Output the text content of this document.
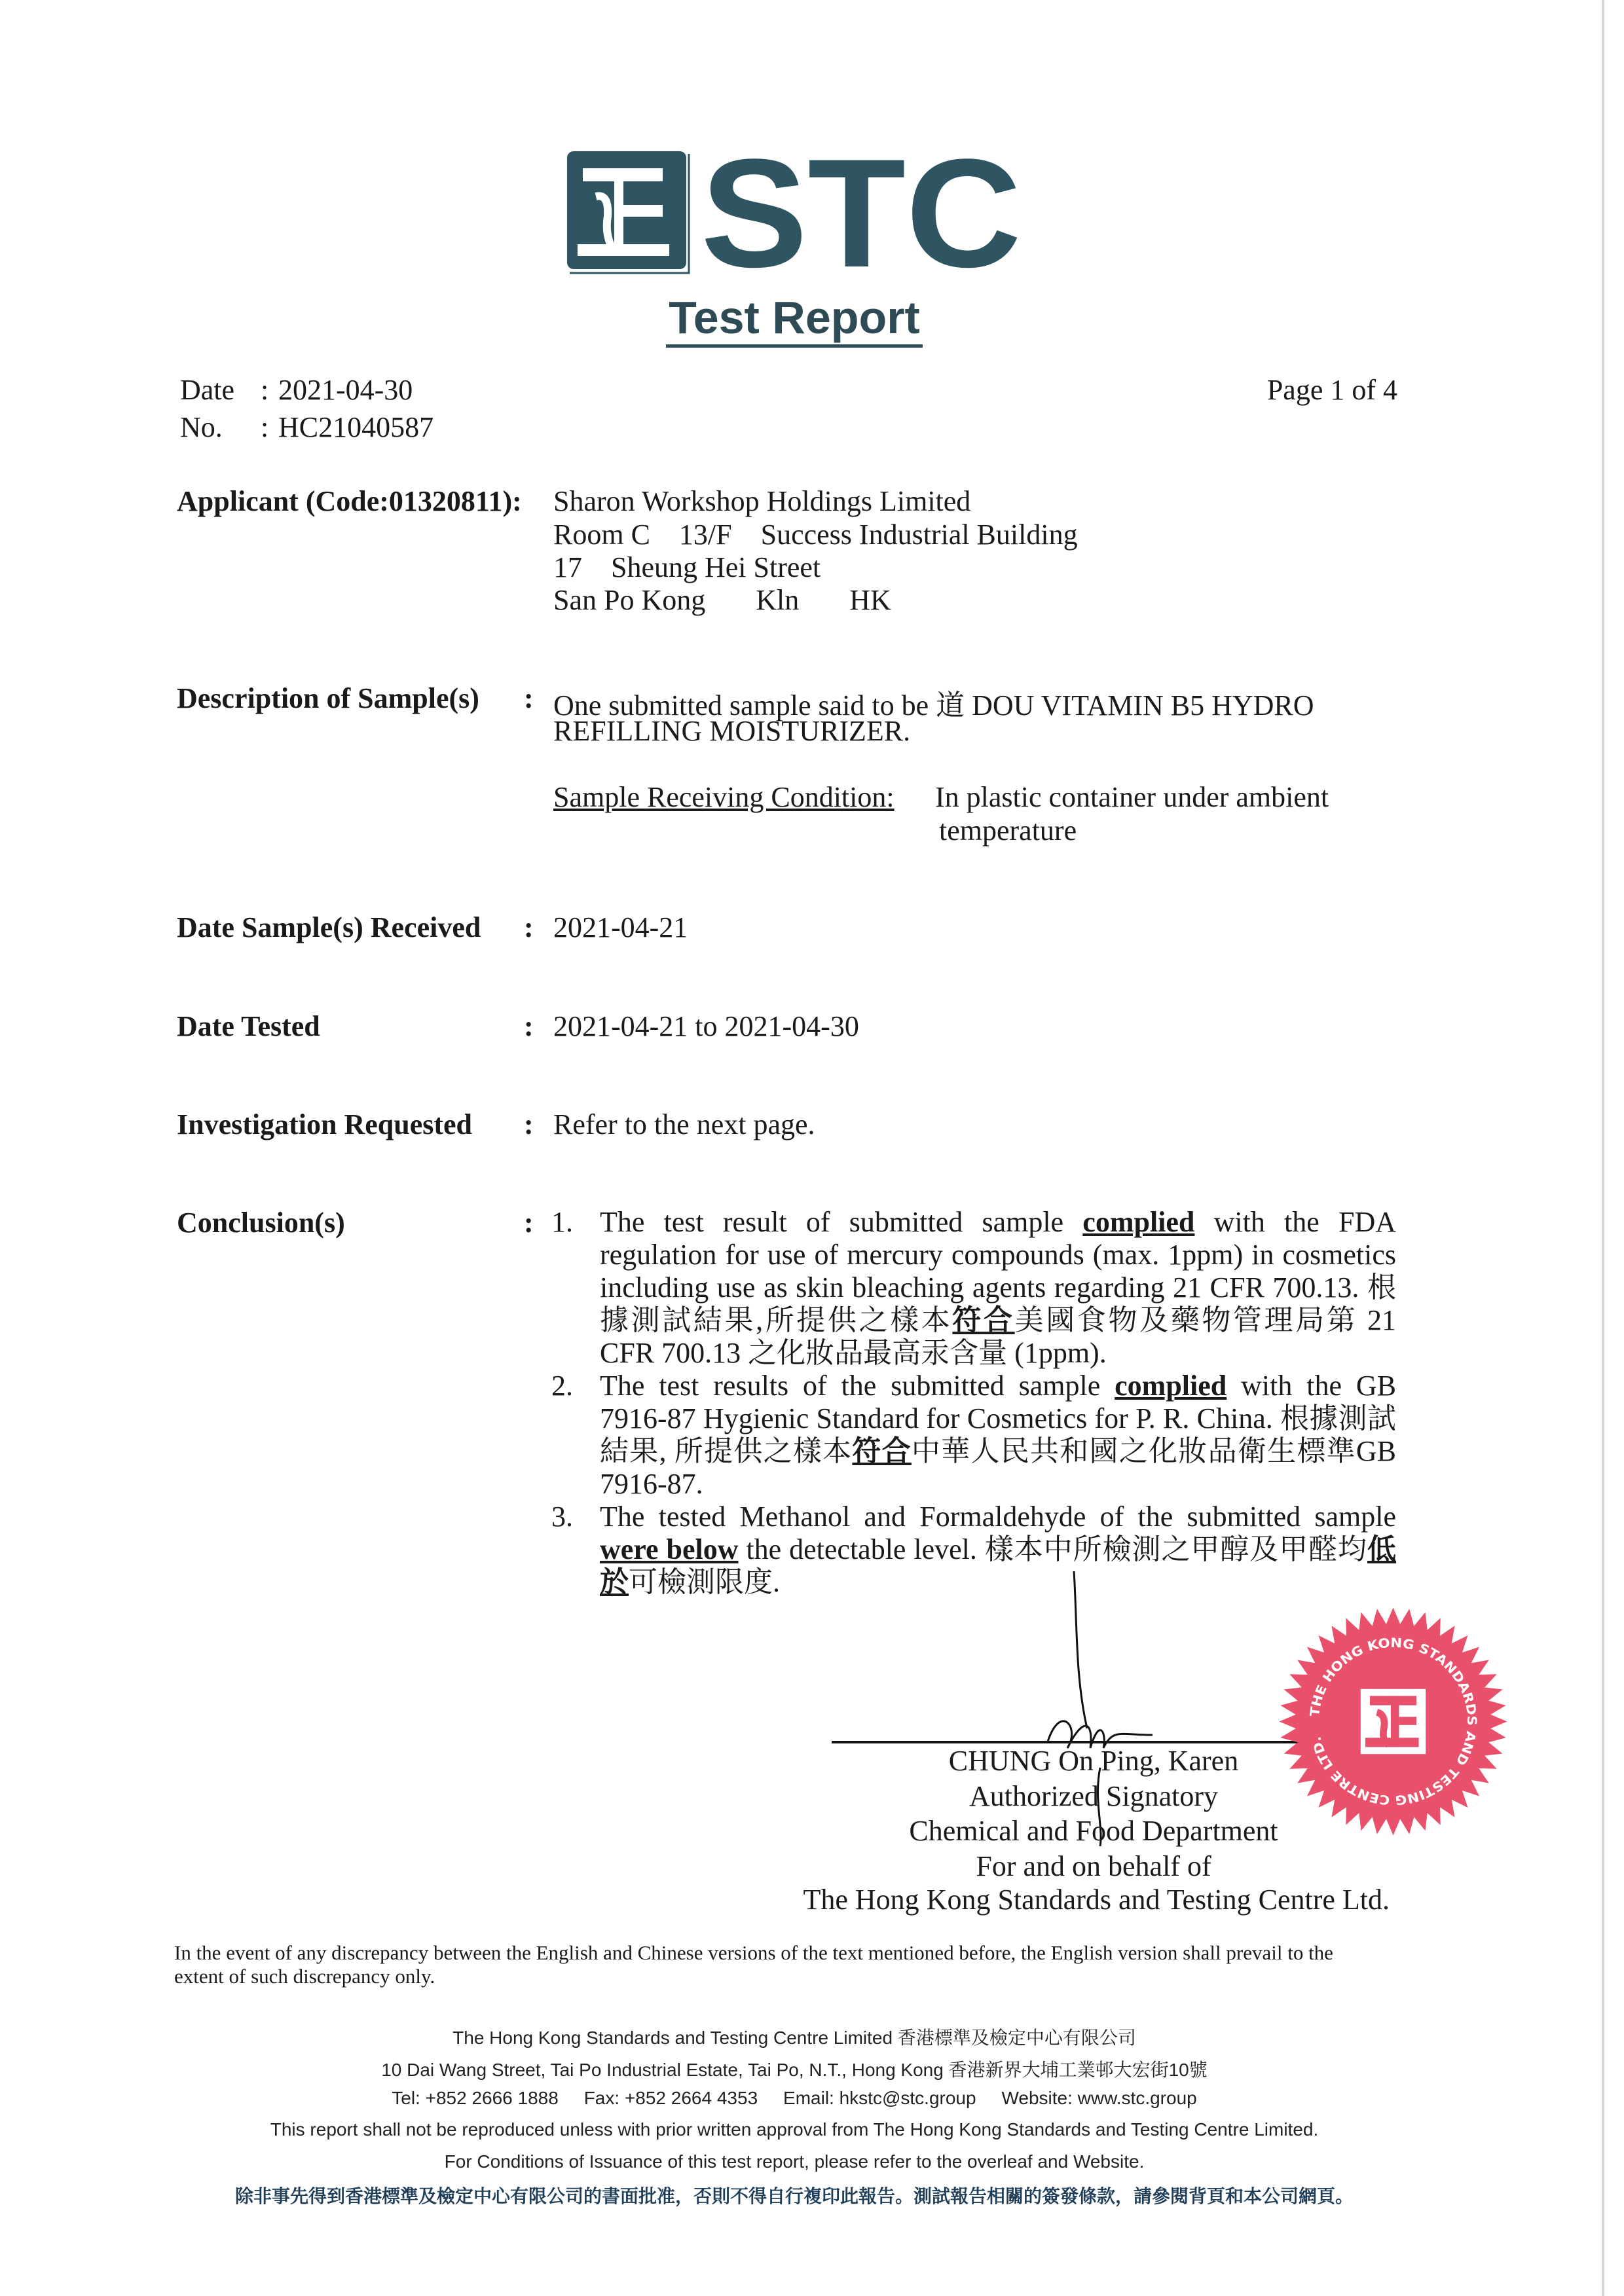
STC
Test Report
Date : 2021-04-30
No. : HC21040587
Page 1 of 4
Applicant (Code:01320811): Sharon Workshop Holdings Limited
Room C    13/F    Success Industrial Building
17    Sheung Hei Street
San Po Kong       Kln       HK
Description of Sample(s) : One submitted sample said to be 道 DOU VITAMIN B5 HYDRO
REFILLING MOISTURIZER.
Sample Receiving Condition: In plastic container under ambient
temperature
Date Sample(s) Received : 2021-04-21
Date Tested	: 2021-04-21 to 2021-04-30
Investigation Requested : Refer to the next page.
Conclusion(s)	: 1. The test result of submitted sample complied with the FDA regulation for use of mercury compounds (max. 1ppm) in cosmetics including use as skin bleaching agents regarding 21 CFR 700.13. 根據測試結果,所提供之樣本符合美國食物及藥物管理局第 21 CFR 700.13 之化妝品最高汞含量 (1ppm).
2. The test results of the submitted sample complied with the GB 7916-87 Hygienic Standard for Cosmetics for P. R. China. 根據測試結果, 所提供之樣本符合中華人民共和國之化妝品衛生標準GB 7916-87.
3. The tested Methanol and Formaldehyde of the submitted sample were below the detectable level. 樣本中所檢測之甲醇及甲醛均低於可檢測限度.
CHUNG On Ping, Karen
Authorized Signatory
Chemical and Food Department
For and on behalf of
The Hong Kong Standards and Testing Centre Ltd.
THE HONG KONG STANDARDS AND TESTING CENTRE LTD.
In the event of any discrepancy between the English and Chinese versions of the text mentioned before, the English version shall prevail to the extent of such discrepancy only.
The Hong Kong Standards and Testing Centre Limited 香港標準及檢定中心有限公司
10 Dai Wang Street, Tai Po Industrial Estate, Tai Po, N.T., Hong Kong 香港新界大埔工業邨大宏街10號
Tel: +852 2666 1888     Fax: +852 2664 4353     Email: hkstc@stc.group     Website: www.stc.group
This report shall not be reproduced unless with prior written approval from The Hong Kong Standards and Testing Centre Limited.
For Conditions of Issuance of this test report, please refer to the overleaf and Website.
除非事先得到香港標準及檢定中心有限公司的書面批准，否則不得自行複印此報告。測試報告相關的簽發條款，請參閱背頁和本公司網頁。
